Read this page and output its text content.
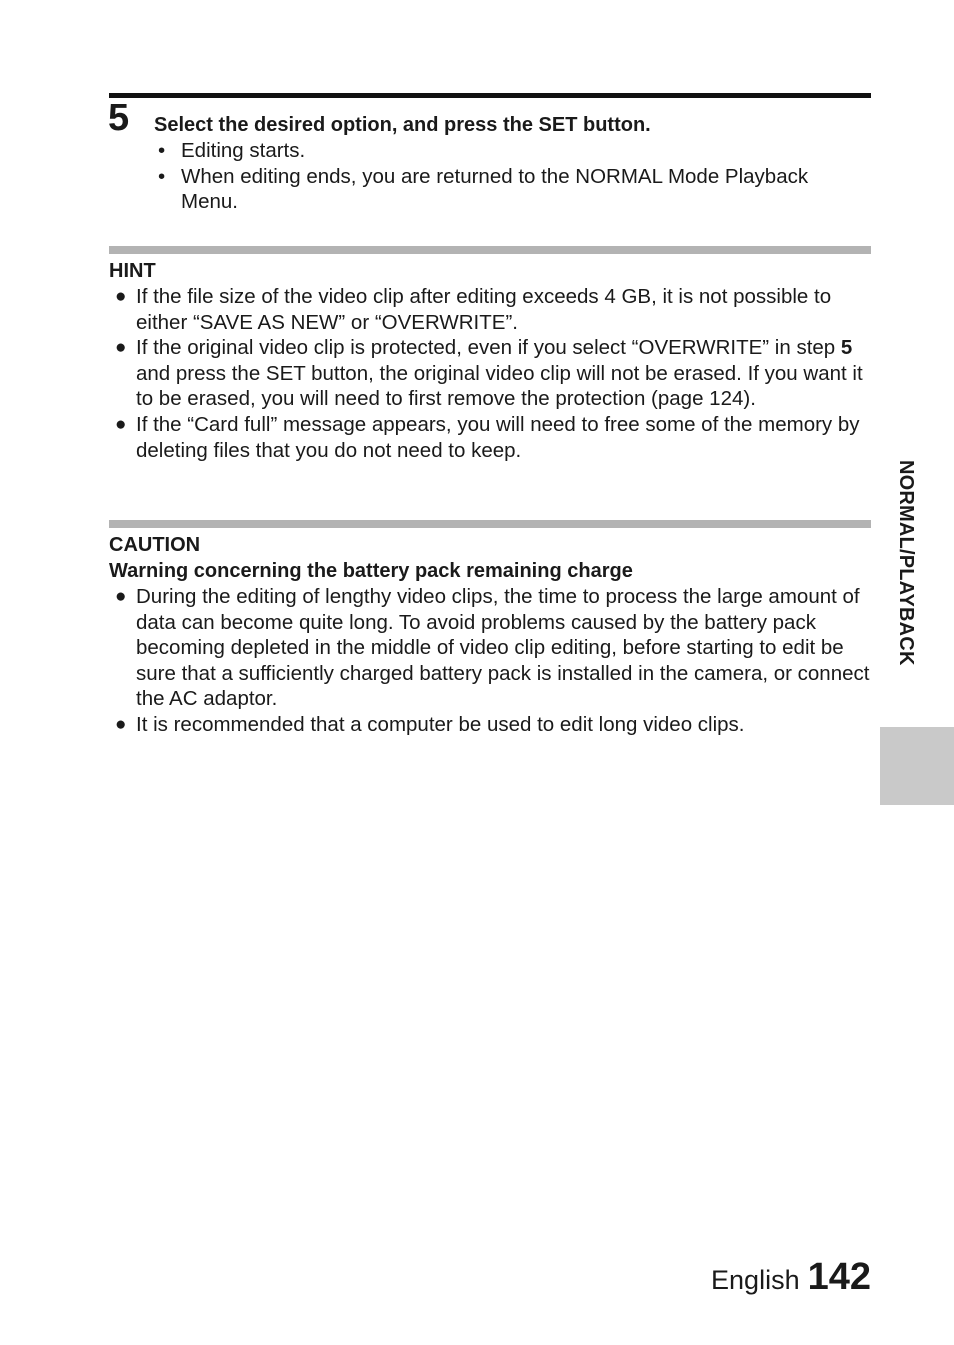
5 Select the desired option, and press the SET button.
• Editing starts.
• When editing ends, you are returned to the NORMAL Mode Playback Menu.
HINT
● If the file size of the video clip after editing exceeds 4 GB, it is not possible to either “SAVE AS NEW” or “OVERWRITE”.
● If the original video clip is protected, even if you select “OVERWRITE” in step 5 and press the SET button, the original video clip will not be erased. If you want it to be erased, you will need to first remove the protection (page 124).
● If the “Card full” message appears, you will need to free some of the memory by deleting files that you do not need to keep.
CAUTION
Warning concerning the battery pack remaining charge
● During the editing of lengthy video clips, the time to process the large amount of data can become quite long. To avoid problems caused by the battery pack becoming depleted in the middle of video clip editing, before starting to edit be sure that a sufficiently charged battery pack is installed in the camera, or connect the AC adaptor.
● It is recommended that a computer be used to edit long video clips.
NORMAL/PLAYBACK
English 142
